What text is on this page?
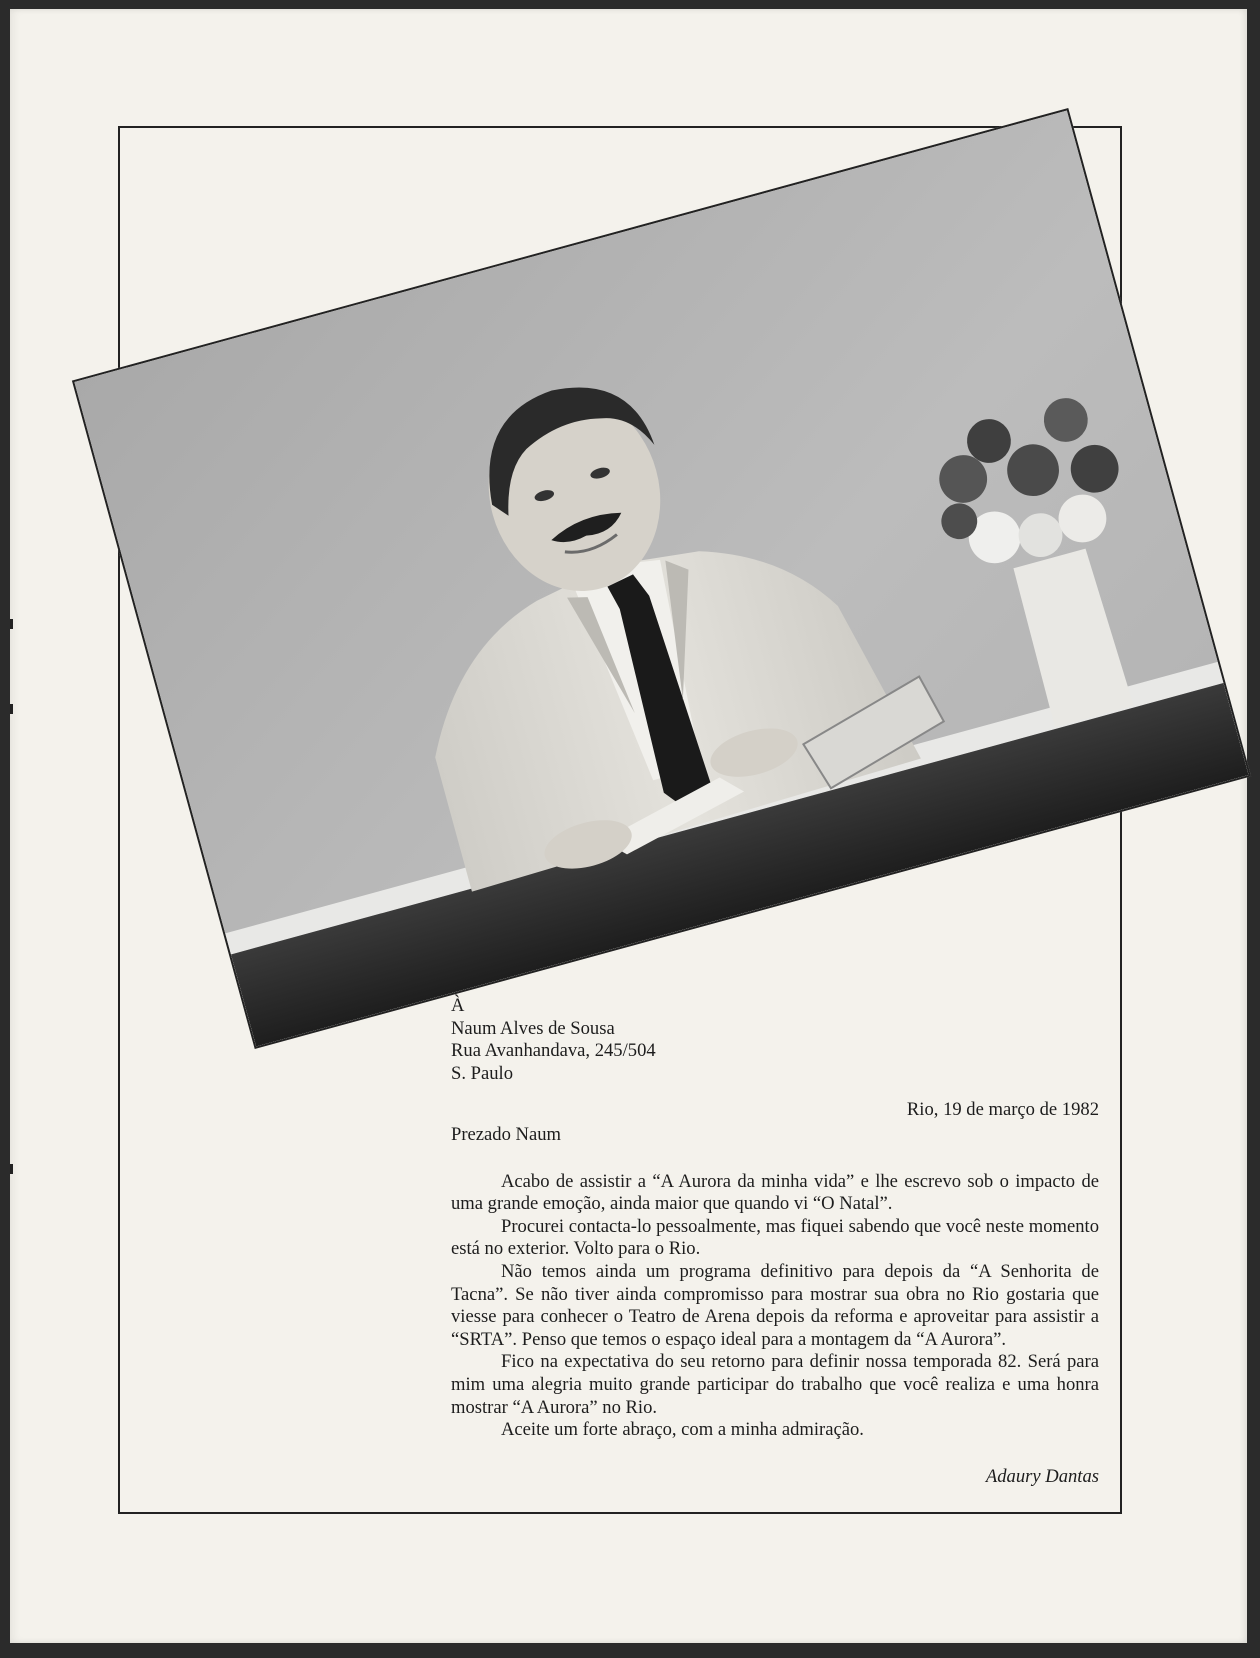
À
Naum Alves de Sousa
Rua Avanhandava, 245/504
S. Paulo
Rio, 19 de março de 1982
Prezado Naum

Acabo de assistir a “A Aurora da minha vida” e lhe escrevo sob o impacto de uma grande emoção, ainda maior que quando vi “O Natal”.

Procurei contacta-lo pessoalmente, mas fiquei sabendo que você neste momento está no exterior. Volto para o Rio.

Não temos ainda um programa definitivo para depois da “A Senhorita de Tacna”. Se não tiver ainda compromisso para mostrar sua obra no Rio gostaria que viesse para conhecer o Teatro de Arena depois da reforma e aproveitar para assistir a “SRTA”. Penso que temos o espaço ideal para a montagem da “A Aurora”.

Fico na expectativa do seu retorno para definir nossa temporada 82. Será para mim uma alegria muito grande participar do trabalho que você realiza e uma honra mostrar “A Aurora” no Rio.

Aceite um forte abraço, com a minha admiração.

Adaury Dantas
